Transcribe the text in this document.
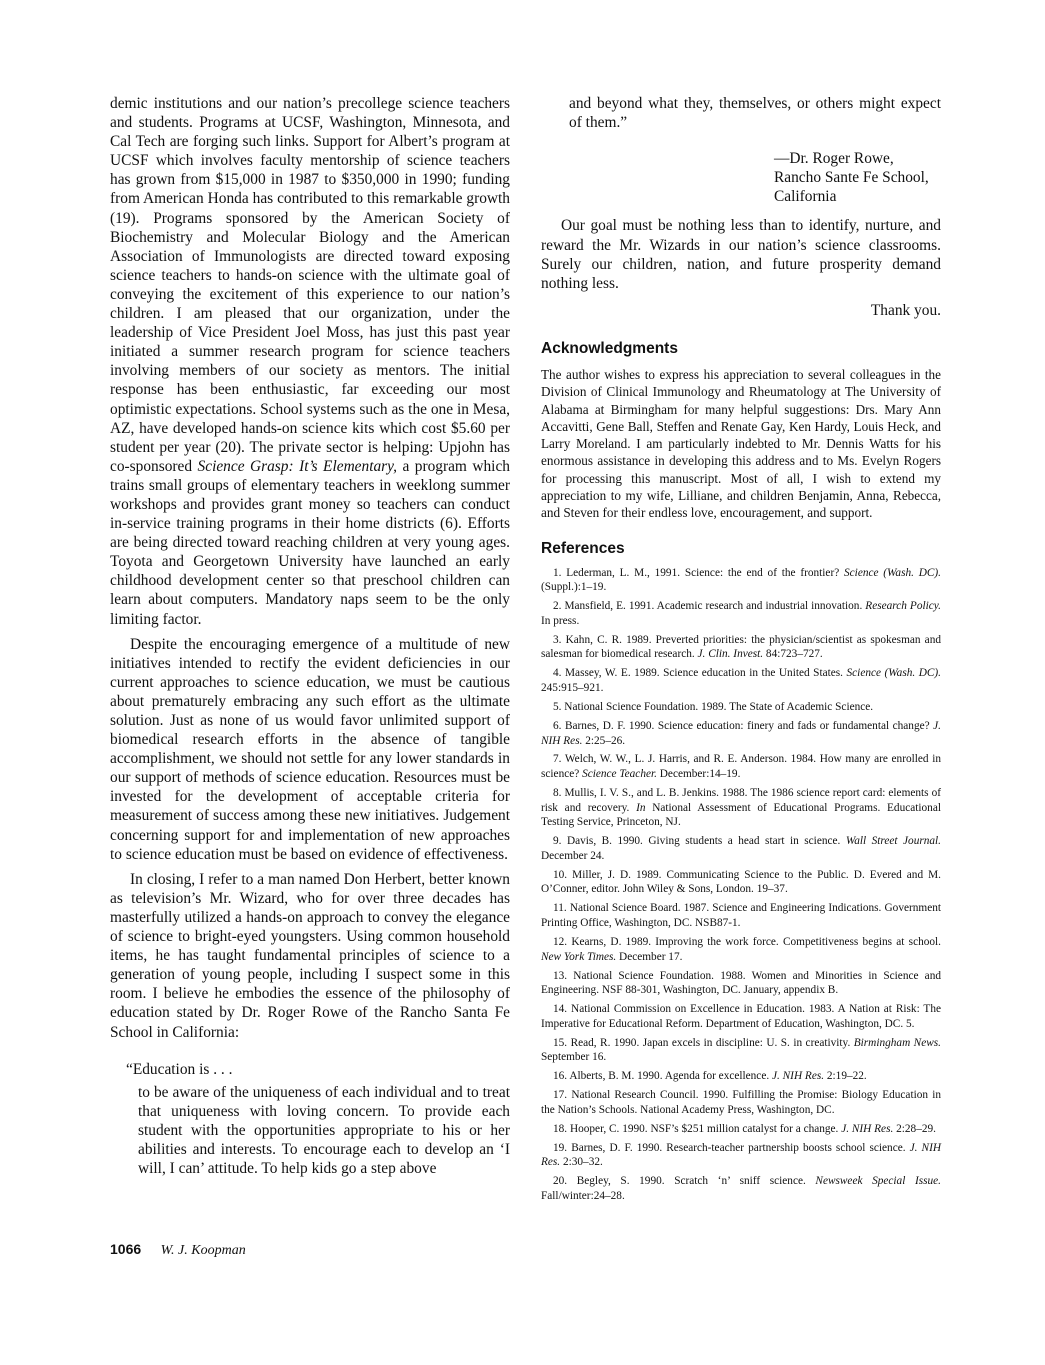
demic institutions and our nation’s precollege science teachers and students. Programs at UCSF, Washington, Minnesota, and Cal Tech are forging such links. Support for Albert’s program at UCSF which involves faculty mentorship of science teachers has grown from $15,000 in 1987 to $350,000 in 1990; funding from American Honda has contributed to this remarkable growth (19). Programs sponsored by the American Society of Biochemistry and Molecular Biology and the American Association of Immunologists are directed toward exposing science teachers to hands-on science with the ultimate goal of conveying the excitement of this experience to our nation’s children. I am pleased that our organization, under the leadership of Vice President Joel Moss, has just this past year initiated a summer research program for science teachers involving members of our society as mentors. The initial response has been enthusiastic, far exceeding our most optimistic expectations. School systems such as the one in Mesa, AZ, have developed hands-on science kits which cost $5.60 per student per year (20). The private sector is helping: Upjohn has co-sponsored Science Grasp: It’s Elementary, a program which trains small groups of elementary teachers in weeklong summer workshops and provides grant money so teachers can conduct in-service training programs in their home districts (6). Efforts are being directed toward reaching children at very young ages. Toyota and Georgetown University have launched an early childhood development center so that preschool children can learn about computers. Mandatory naps seem to be the only limiting factor.

Despite the encouraging emergence of a multitude of new initiatives intended to rectify the evident deficiencies in our current approaches to science education, we must be cautious about prematurely embracing any such effort as the ultimate solution. Just as none of us would favor unlimited support of biomedical research efforts in the absence of tangible accomplishment, we should not settle for any lower standards in our support of methods of science education. Resources must be invested for the development of acceptable criteria for measurement of success among these new initiatives. Judgement concerning support for and implementation of new approaches to science education must be based on evidence of effectiveness.

In closing, I refer to a man named Don Herbert, better known as television’s Mr. Wizard, who for over three decades has masterfully utilized a hands-on approach to convey the elegance of science to bright-eyed youngsters. Using common household items, he has taught fundamental principles of science to a generation of young people, including I suspect some in this room. I believe he embodies the essence of the philosophy of education stated by Dr. Roger Rowe of the Rancho Santa Fe School in California:

“Education is . . .
to be aware of the uniqueness of each individual and to treat that uniqueness with loving concern. To provide each student with the opportunities appropriate to his or her abilities and interests. To encourage each to develop an ‘I will, I can’ attitude. To help kids go a step above
and beyond what they, themselves, or others might expect of them.”
—Dr. Roger Rowe,
Rancho Sante Fe School,
California

Our goal must be nothing less than to identify, nurture, and reward the Mr. Wizards in our nation’s science classrooms. Surely our children, nation, and future prosperity demand nothing less.

Thank you.
Acknowledgments

The author wishes to express his appreciation to several colleagues in the Division of Clinical Immunology and Rheumatology at The University of Alabama at Birmingham for many helpful suggestions: Drs. Mary Ann Accavitti, Gene Ball, Steffen and Renate Gay, Ken Hardy, Louis Heck, and Larry Moreland. I am particularly indebted to Mr. Dennis Watts for his enormous assistance in developing this address and to Ms. Evelyn Rogers for processing this manuscript. Most of all, I wish to extend my appreciation to my wife, Lilliane, and children Benjamin, Anna, Rebecca, and Steven for their endless love, encouragement, and support.

References
1. Lederman, L. M., 1991. Science: the end of the frontier? Science (Wash. DC). (Suppl.):1–19.
2. Mansfield, E. 1991. Academic research and industrial innovation. Research Policy. In press.
3. Kahn, C. R. 1989. Preverted priorities: the physician/scientist as spokesman and salesman for biomedical research. J. Clin. Invest. 84:723–727.
4. Massey, W. E. 1989. Science education in the United States. Science (Wash. DC). 245:915–921.
5. National Science Foundation. 1989. The State of Academic Science.
6. Barnes, D. F. 1990. Science education: finery and fads or fundamental change? J. NIH Res. 2:25–26.
7. Welch, W. W., L. J. Harris, and R. E. Anderson. 1984. How many are enrolled in science? Science Teacher. December:14–19.
8. Mullis, I. V. S., and L. B. Jenkins. 1988. The 1986 science report card: elements of risk and recovery. In National Assessment of Educational Programs. Educational Testing Service, Princeton, NJ.
9. Davis, B. 1990. Giving students a head start in science. Wall Street Journal. December 24.
10. Miller, J. D. 1989. Communicating Science to the Public. D. Evered and M. O’Conner, editor. John Wiley & Sons, London. 19–37.
11. National Science Board. 1987. Science and Engineering Indications. Government Printing Office, Washington, DC. NSB87-1.
12. Kearns, D. 1989. Improving the work force. Competitiveness begins at school. New York Times. December 17.
13. National Science Foundation. 1988. Women and Minorities in Science and Engineering. NSF 88-301, Washington, DC. January, appendix B.
14. National Commission on Excellence in Education. 1983. A Nation at Risk: The Imperative for Educational Reform. Department of Education, Washington, DC. 5.
15. Read, R. 1990. Japan excels in discipline: U. S. in creativity. Birmingham News. September 16.
16. Alberts, B. M. 1990. Agenda for excellence. J. NIH Res. 2:19–22.
17. National Research Council. 1990. Fulfilling the Promise: Biology Education in the Nation’s Schools. National Academy Press, Washington, DC.
18. Hooper, C. 1990. NSF’s $251 million catalyst for a change. J. NIH Res. 2:28–29.
19. Barnes, D. F. 1990. Research-teacher partnership boosts school science. J. NIH Res. 2:30–32.
20. Begley, S. 1990. Scratch ‘n’ sniff science. Newsweek Special Issue. Fall/winter:24–28.
1066 W. J. Koopman
